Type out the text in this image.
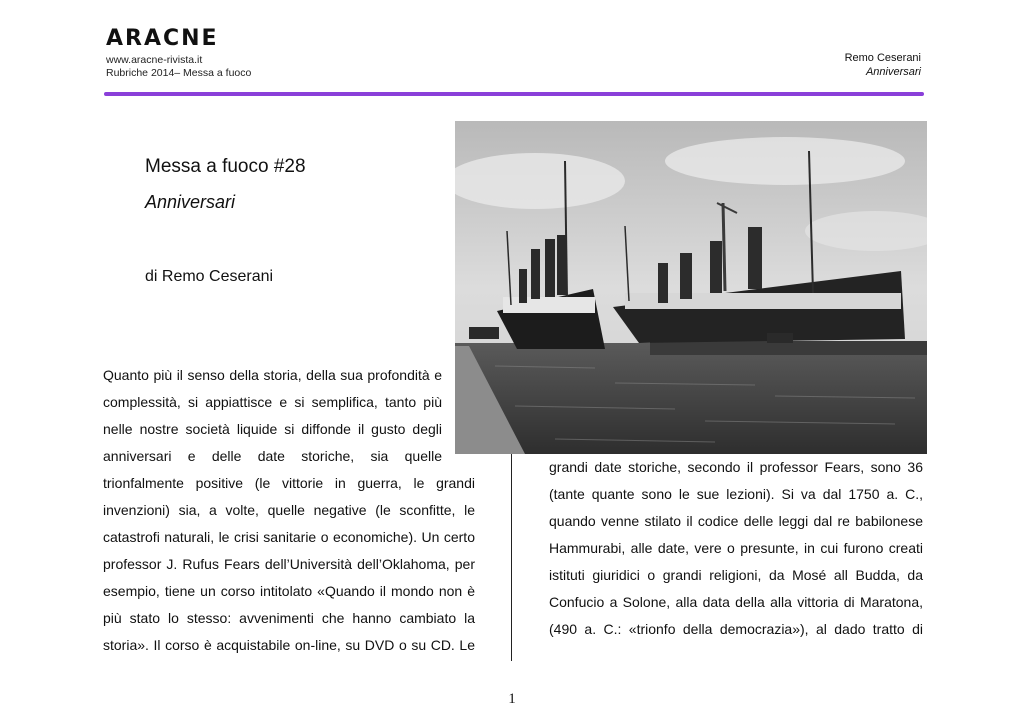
ARACNE
www.aracne-rivista.it
Rubriche 2014– Messa a fuoco
Remo Ceserani
Anniversari
Messa a fuoco #28
Anniversari
di Remo Ceserani
Quanto più il senso della storia, della sua profondità e
complessità, si appiattisce e si semplifica, tanto più
nelle nostre società liquide si diffonde il gusto degli
anniversari e delle date storiche, sia quelle
trionfalmente positive (le vittorie in guerra, le grandi
invenzioni) sia, a volte, quelle negative (le sconfitte, le
catastrofi naturali, le crisi sanitarie o economiche). Un certo
professor J. Rufus Fears dell’Università dell’Oklahoma, per
esempio, tiene un corso intitolato «Quando il mondo non è
più stato lo stesso: avvenimenti che hanno cambiato la
storia». Il corso è acquistabile on-line, su DVD o su CD. Le
grandi date storiche, secondo il professor Fears, sono 36
(tante quante sono le sue lezioni). Si va dal 1750 a. C.,
quando venne stilato il codice delle leggi dal re babilonese
Hammurabi, alle date, vere o presunte, in cui furono creati
istituti giuridici o grandi religioni, da Mosé all Budda, da
Confucio a Solone, alla data della alla vittoria di Maratona,
(490 a. C.: «trionfo della democrazia»), al dado tratto di
1
